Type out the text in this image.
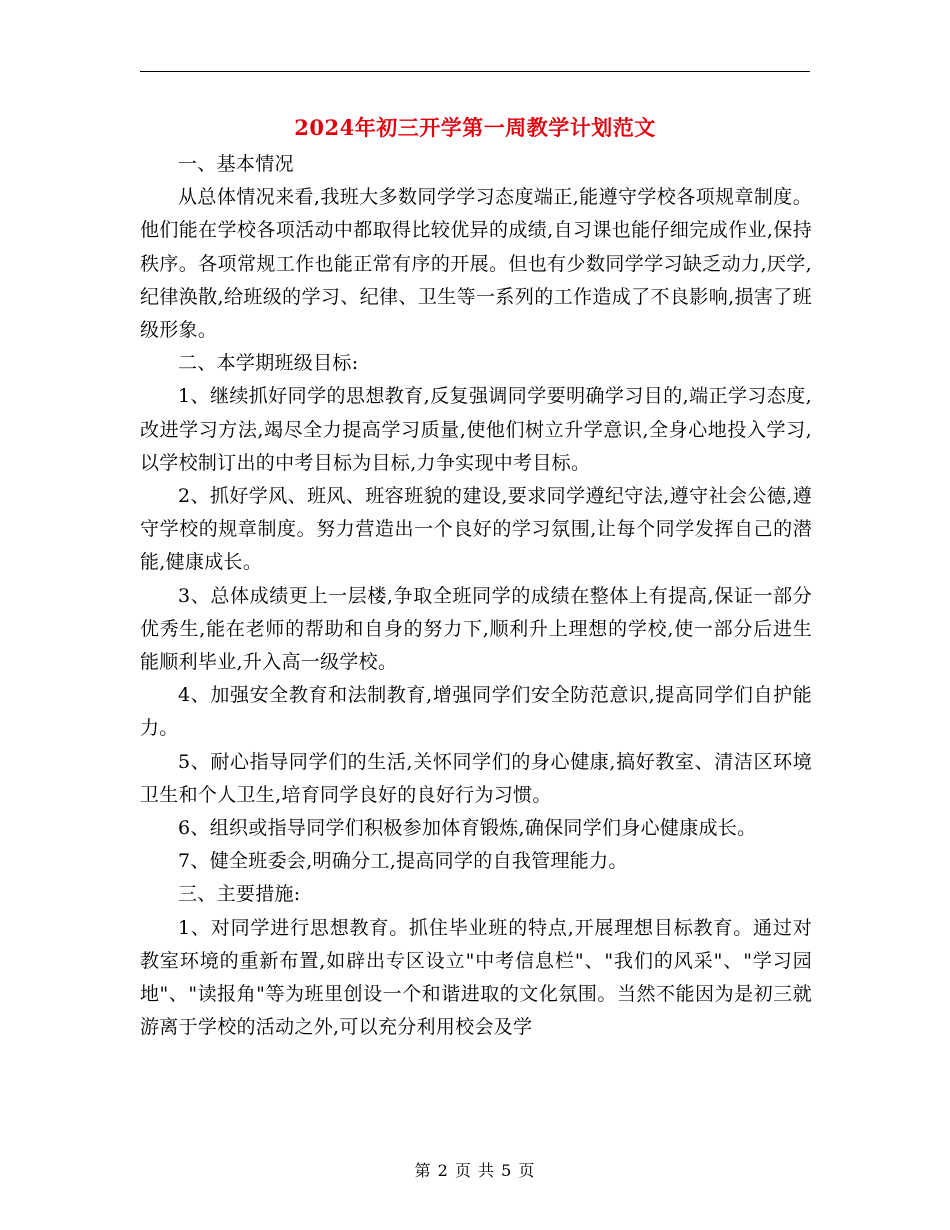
2024年初三开学第一周教学计划范文

一、基本情况

从总体情况来看,我班大多数同学学习态度端正,能遵守学校各项规章制度。他们能在学校各项活动中都取得比较优异的成绩,自习课也能仔细完成作业,保持秩序。各项常规工作也能正常有序的开展。但也有少数同学学习缺乏动力,厌学,纪律涣散,给班级的学习、纪律、卫生等一系列的工作造成了不良影响,损害了班级形象。

二、本学期班级目标:

1、继续抓好同学的思想教育,反复强调同学要明确学习目的,端正学习态度,改进学习方法,竭尽全力提高学习质量,使他们树立升学意识,全身心地投入学习,以学校制订出的中考目标为目标,力争实现中考目标。

2、抓好学风、班风、班容班貌的建设,要求同学遵纪守法,遵守社会公德,遵守学校的规章制度。努力营造出一个良好的学习氛围,让每个同学发挥自己的潜能,健康成长。

3、总体成绩更上一层楼,争取全班同学的成绩在整体上有提高,保证一部分优秀生,能在老师的帮助和自身的努力下,顺利升上理想的学校,使一部分后进生能顺利毕业,升入高一级学校。

4、加强安全教育和法制教育,增强同学们安全防范意识,提高同学们自护能力。

5、耐心指导同学们的生活,关怀同学们的身心健康,搞好教室、清洁区环境卫生和个人卫生,培育同学良好的良好行为习惯。

6、组织或指导同学们积极参加体育锻炼,确保同学们身心健康成长。

7、健全班委会,明确分工,提高同学的自我管理能力。

三、主要措施:

1、对同学进行思想教育。抓住毕业班的特点,开展理想目标教育。通过对教室环境的重新布置,如辟出专区设立"中考信息栏"、"我们的风采"、"学习园地"、"读报角"等为班里创设一个和谐进取的文化氛围。当然不能因为是初三就游离于学校的活动之外,可以充分利用校会及学

第 2 页 共 5 页
